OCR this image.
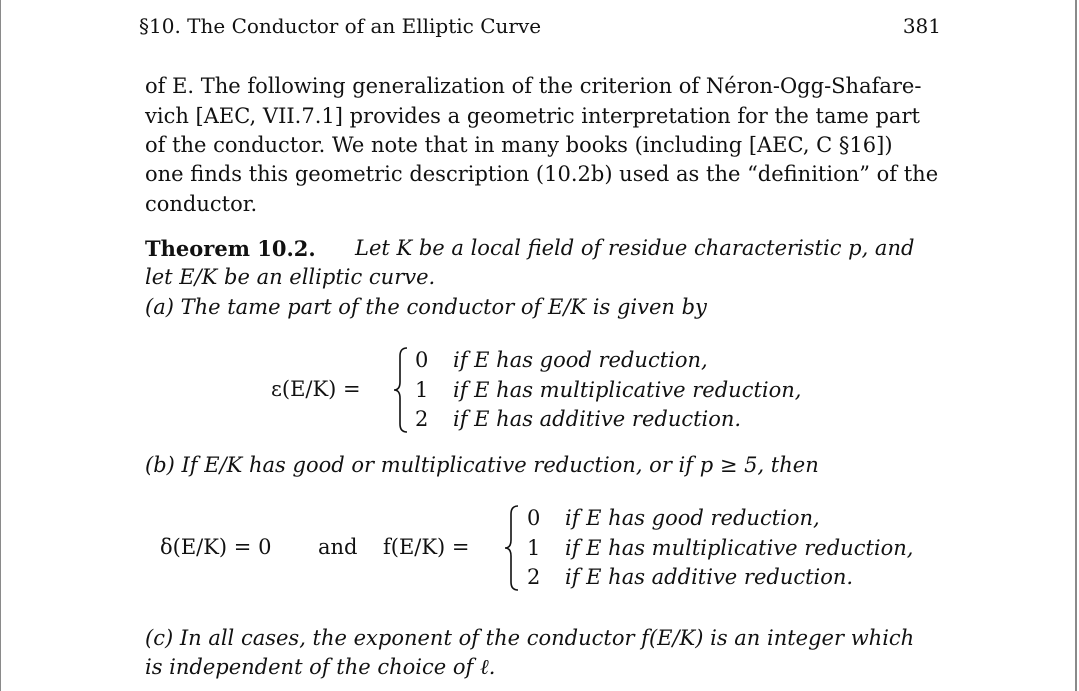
§10. The Conductor of an Elliptic Curve	381
of E. The following generalization of the criterion of Néron-Ogg-Shafare-
vich [AEC, VII.7.1] provides a geometric interpretation for the tame part
of the conductor. We note that in many books (including [AEC, C §16])
one finds this geometric description (10.2b) used as the “definition” of the
conductor.
Theorem 10.2. Let K be a local field of residue characteristic p, and
let E/K be an elliptic curve.
(a) The tame part of the conductor of E/K is given by
ε(E/K) =
0 if E has good reduction,
1 if E has multiplicative reduction,
2 if E has additive reduction.
(b) If E/K has good or multiplicative reduction, or if p ≥ 5, then
δ(E/K) = 0 and f(E/K) =
0 if E has good reduction,
1 if E has multiplicative reduction,
2 if E has additive reduction.
(c) In all cases, the exponent of the conductor f(E/K) is an integer which
is independent of the choice of ℓ.
